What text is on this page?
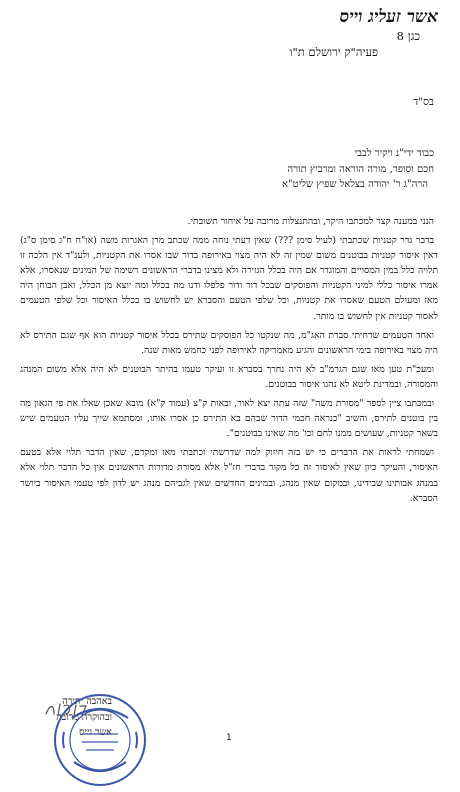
אשר זעליג וייס
כגן 8
פעיה"ק ירושלם ת"ו
בס"ד
כבוד ידי"נ ויקיר לבבי
חכם וסופר, מורה הוראה ומרביץ תורה
הרה"ג ר' יהודה בצלאל שפיץ שליט"א

הנני במענה קצר למכתבו היקר, ובהתנצלות מרובה על איחור תשובתי.

בדבר גדר קטניות שכתבתי (לעיל סימן ???) שאין דעתי נוחה ממה שכתב מרן האגרות משה (או"ח ח"ג סימן ס"ג) דאין איסור קטניות בבוטנים משום שמין זה לא היה מצוי באירופה בדור שבו אסרו את הקטניות, ולענ"ד אין הלכה זו תלויה כלל במין המסויים והמוגדר אם היה בכלל הגזירה ולא מצינו בדברי הראשונים רשימה של המינים שנאסרו, אלא אמרו איסור כללי למיני הקטניות והפוסקים שבכל דור ודור פלפלו ודנו מה בכלל ומה יוצא מן הכלל, ואבן הבוחן היה מאז ומעולם הטעם שאסרו את קטניות, וכל שלפי הטעם והסברא יש לחשוש בו בכלל האיסור וכל שלפי הטעמים לאסור קטניות אין לחשוש בו מותר.

ואחד הטעמים שדחיתי סברת האג"מ, מה שנקטו כל הפוסקים שתירס בכלל איסור קטניות הוא אף שגם התירס לא היה מצוי באירופה בימי הראשונים והגיע מאמריקה לאירופה לפני כחמש מאות שנה.

ומעכ"ת טען מאז שגם הגרמ"ב לא היה נחרך בסברא זו ועיקר טעמו בהיתר הבוטנים לא היה אלא משום המנהג והמסורה, ובמדינת ליטא לא נהגו איסור בבוטנים.

ובמכתבו ציין לספר "מסורת משה" שזה עתה יצא לאור, ובאות ק"צ (עמוד ק"א) מובא שאכן שאלו את פי הגאון מה בין בוטנים לתירס, והשיב "כנראה חכמי הדור שבהם בא התירס כן אסרו אותו, ומסתמא שייך עליו הטעמים שיש בשאר קטניות, שעושים ממנו לחם וכו' מה שאינו בבוטנים".

ושמחתי לראות את הדברים כי יש בזה חיזוק למה שדרשתי וכתבתי מאז ומקדם, שאין הדבר תלוי אלא בטעם האיסור, והעיקר כיון שאין לאיסור זה כל מקור בדברי חז"ל אלא מסורת מדורות הראשונים אין כל הדבר תלוי אלא במנהג אבותינו שבידינו, ובמקום שאין מנהג, ובמינים החדשים שאין לגביהם מנהג יש לדון לפי טעמי האיסור ביושר הסברא.

באהבה יתירה
ובהוקרה מרובה
אשר וייס	1
